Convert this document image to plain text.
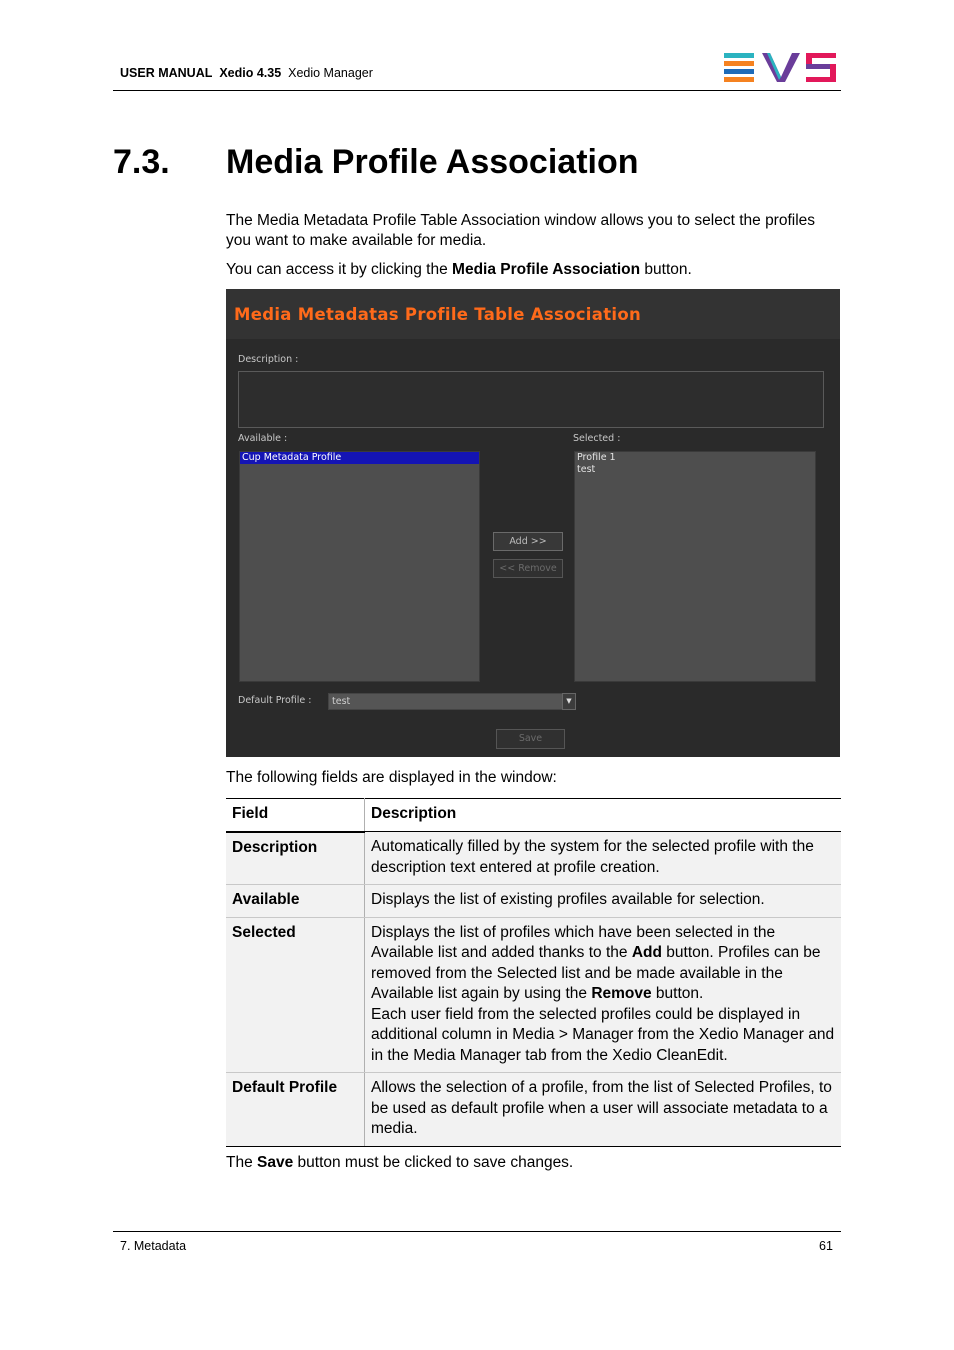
USER MANUAL Xedio 4.35 Xedio Manager
7.3. Media Profile Association
The Media Metadata Profile Table Association window allows you to select the profiles you want to make available for media.
You can access it by clicking the Media Profile Association button.
Media Metadatas Profile Table Association
Description :
Available :	Selected :
Cup Metadata Profile	Profile 1
test
Add >>
<< Remove
Default Profile :	test	▼
Save
The following fields are displayed in the window:
Field	Description
Description	Automatically filled by the system for the selected profile with the description text entered at profile creation.
Available	Displays the list of existing profiles available for selection.
Selected	Displays the list of profiles which have been selected in the Available list and added thanks to the Add button. Profiles can be removed from the Selected list and be made available in the Available list again by using the Remove button.
Each user field from the selected profiles could be displayed in additional column in Media > Manager from the Xedio Manager and in the Media Manager tab from the Xedio CleanEdit.
Default Profile	Allows the selection of a profile, from the list of Selected Profiles, to be used as default profile when a user will associate metadata to a media.
The Save button must be clicked to save changes.
7. Metadata	61
